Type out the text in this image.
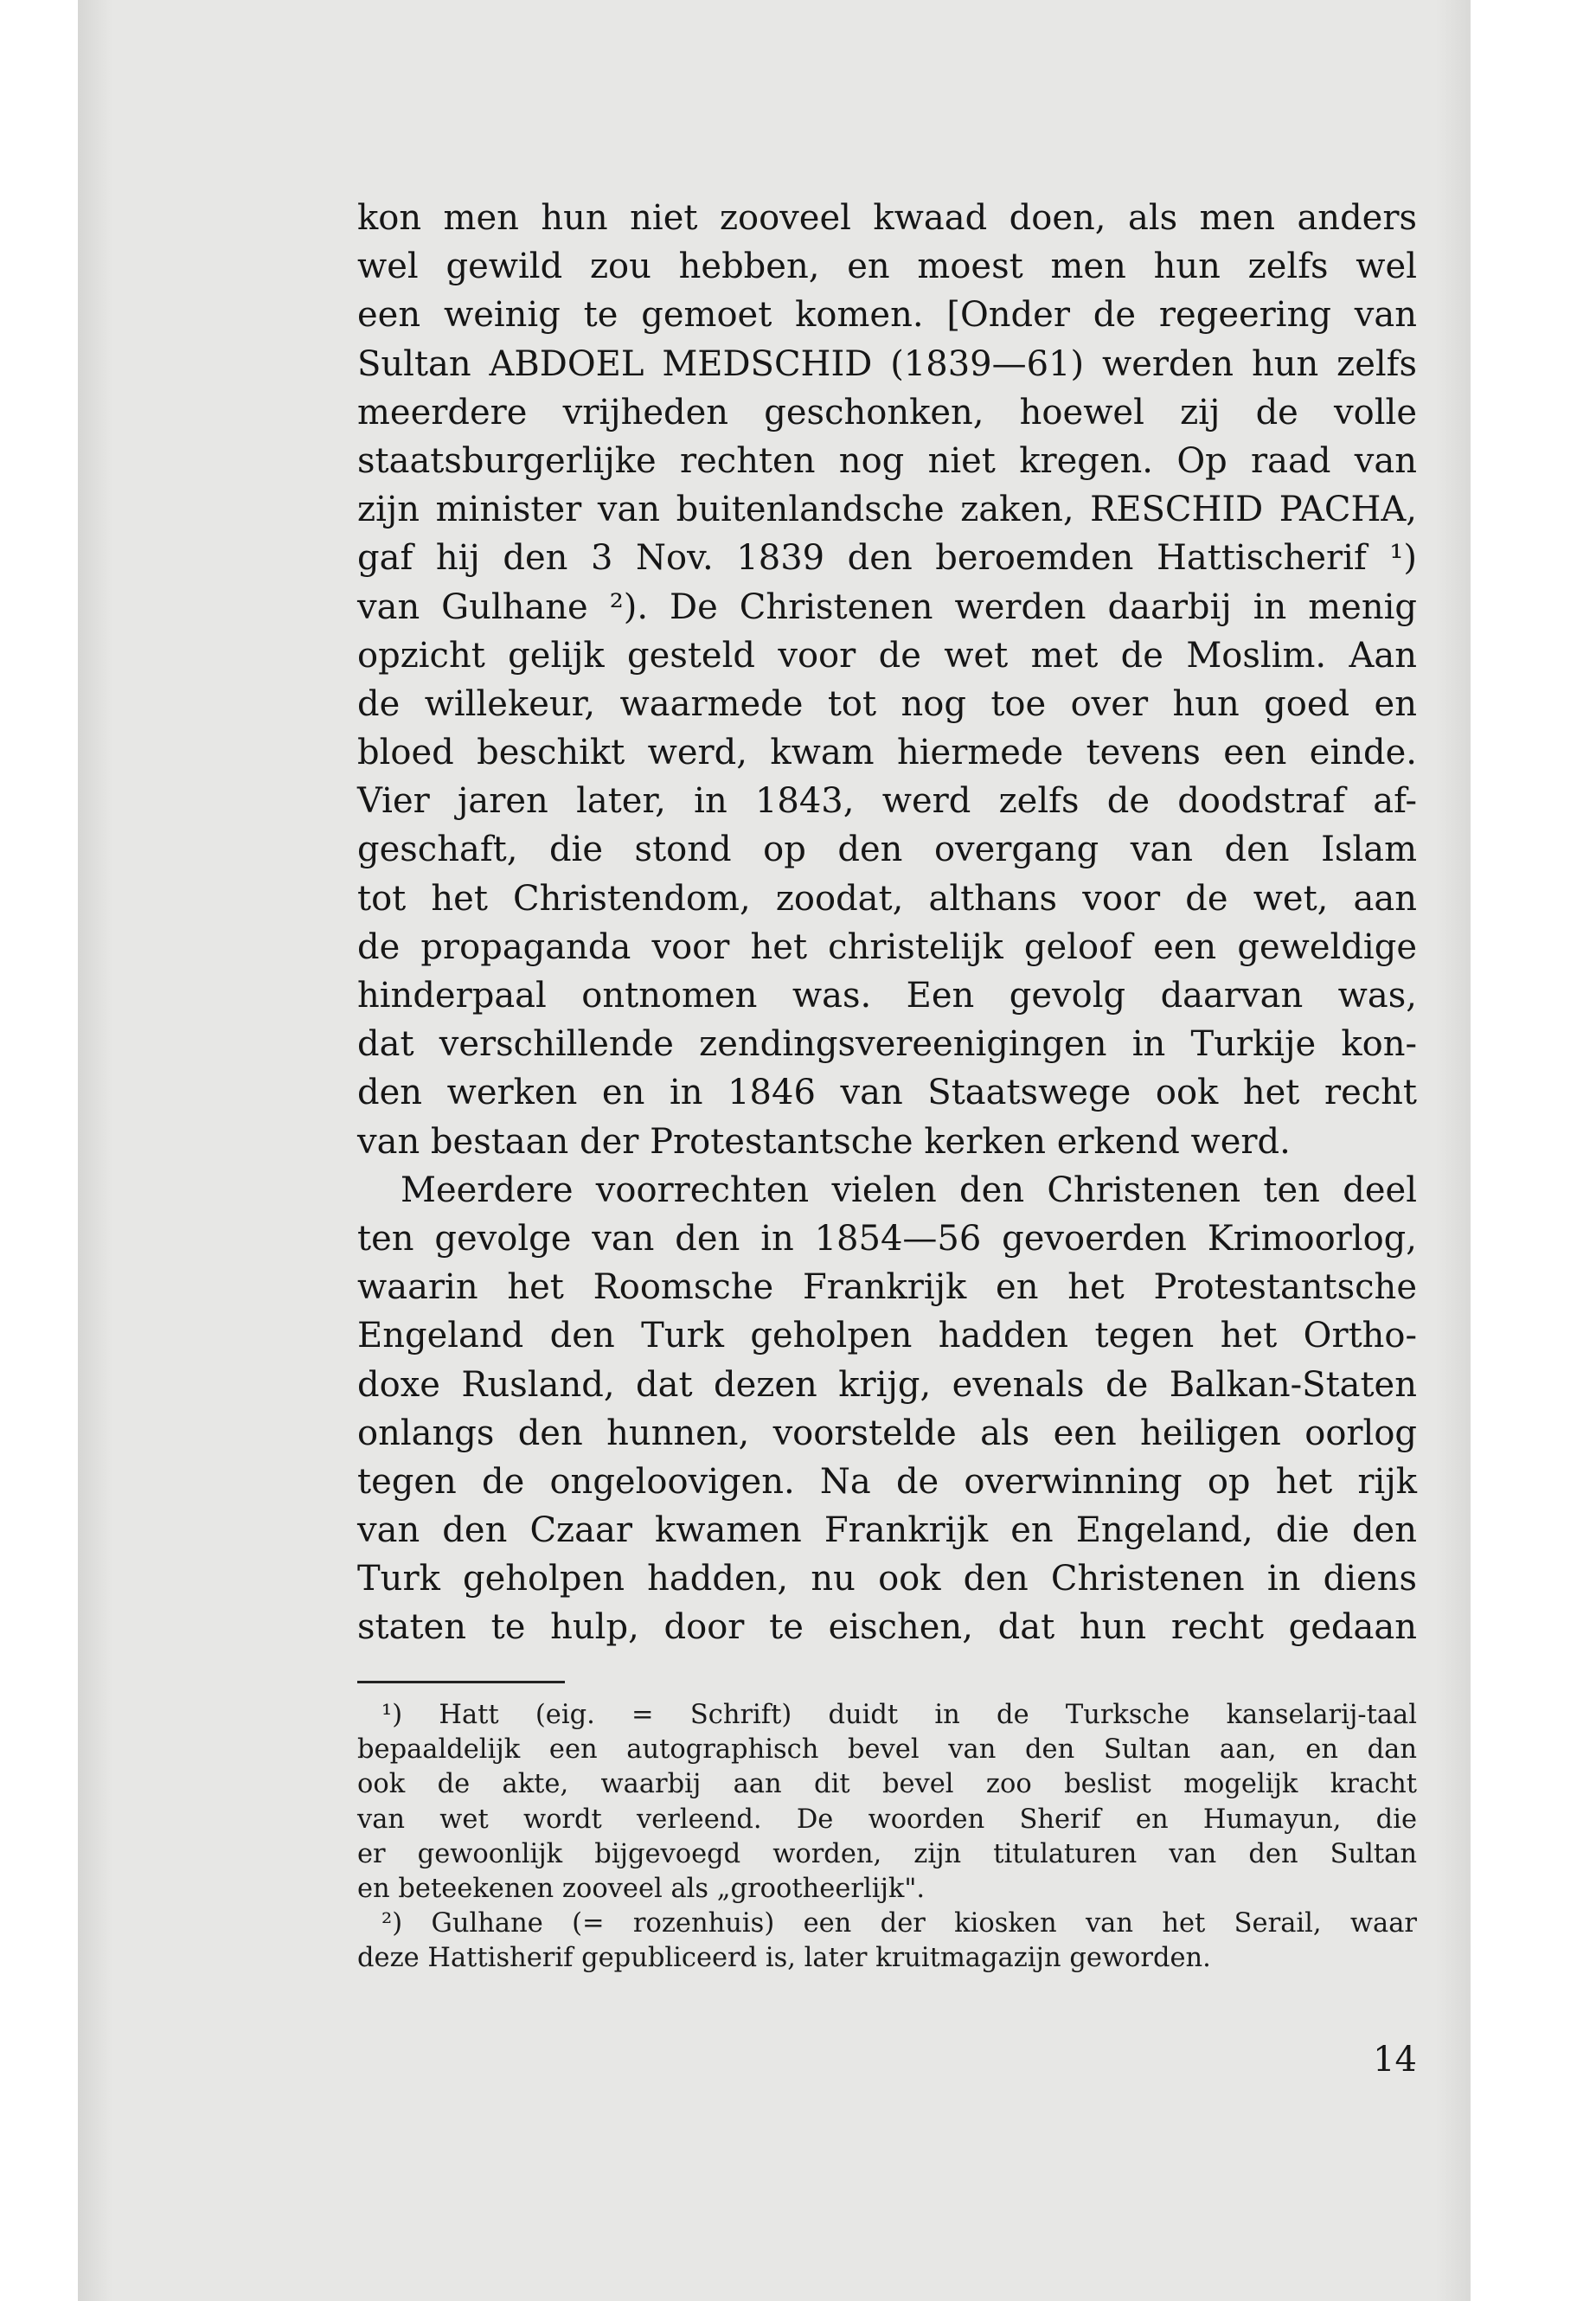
kon men hun niet zooveel kwaad doen, als men anders
wel gewild zou hebben, en moest men hun zelfs wel
een weinig te gemoet komen. [Onder de regeering van
Sultan ABDOEL MEDSCHID (1839—61) werden hun zelfs
meerdere vrijheden geschonken, hoewel zij de volle
staatsburgerlijke rechten nog niet kregen. Op raad van
zijn minister van buitenlandsche zaken, RESCHID PACHA,
gaf hij den 3 Nov. 1839 den beroemden Hattischerif ¹)
van Gulhane ²). De Christenen werden daarbij in menig
opzicht gelijk gesteld voor de wet met de Moslim. Aan
de willekeur, waarmede tot nog toe over hun goed en
bloed beschikt werd, kwam hiermede tevens een einde.
Vier jaren later, in 1843, werd zelfs de doodstraf af-
geschaft, die stond op den overgang van den Islam
tot het Christendom, zoodat, althans voor de wet, aan
de propaganda voor het christelijk geloof een geweldige
hinderpaal ontnomen was. Een gevolg daarvan was,
dat verschillende zendingsvereenigingen in Turkije kon-
den werken en in 1846 van Staatswege ook het recht
van bestaan der Protestantsche kerken erkend werd.
Meerdere voorrechten vielen den Christenen ten deel
ten gevolge van den in 1854—56 gevoerden Krimoorlog,
waarin het Roomsche Frankrijk en het Protestantsche
Engeland den Turk geholpen hadden tegen het Ortho-
doxe Rusland, dat dezen krijg, evenals de Balkan-Staten
onlangs den hunnen, voorstelde als een heiligen oorlog
tegen de ongeloovigen. Na de overwinning op het rijk
van den Czaar kwamen Frankrijk en Engeland, die den
Turk geholpen hadden, nu ook den Christenen in diens
staten te hulp, door te eischen, dat hun recht gedaan
¹) Hatt (eig. = Schrift) duidt in de Turksche kanselarij-taal
bepaaldelijk een autographisch bevel van den Sultan aan, en dan
ook de akte, waarbij aan dit bevel zoo beslist mogelijk kracht
van wet wordt verleend. De woorden Sherif en Humayun, die
er gewoonlijk bijgevoegd worden, zijn titulaturen van den Sultan
en beteekenen zooveel als „grootheerlijk".
²) Gulhane (= rozenhuis) een der kiosken van het Serail, waar
deze Hattisherif gepubliceerd is, later kruitmagazijn geworden.
14
